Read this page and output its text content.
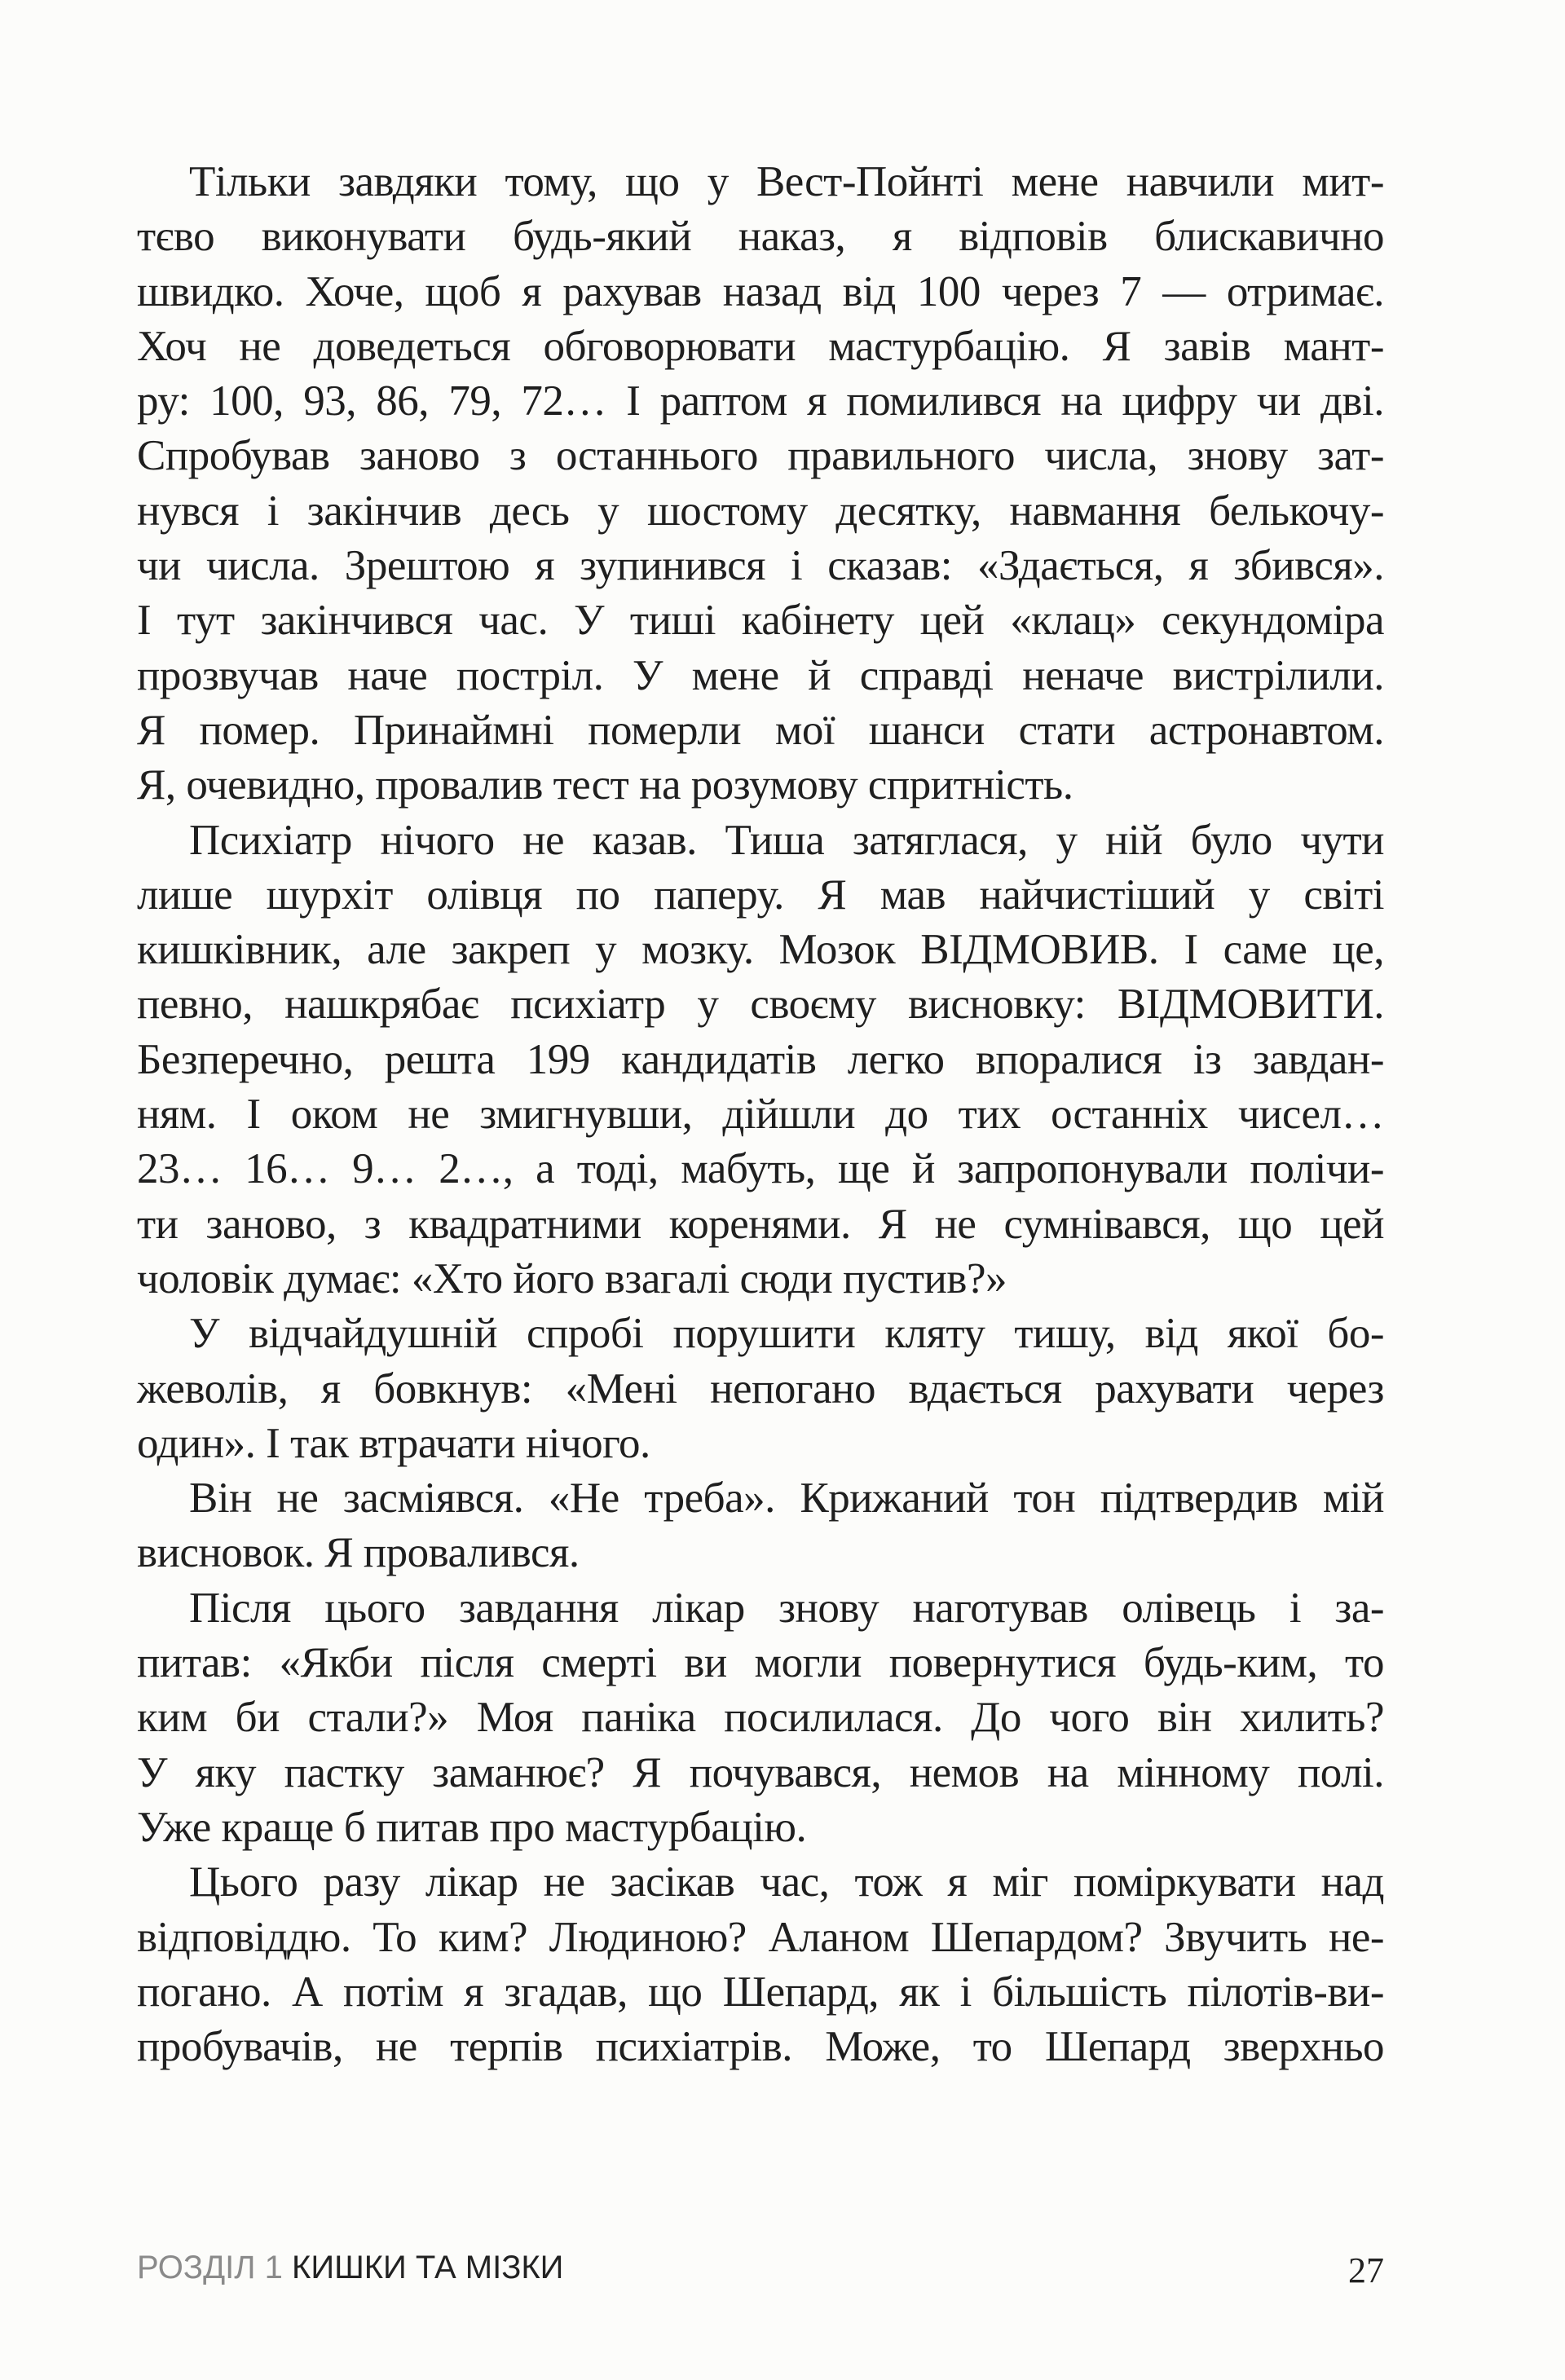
Тільки завдяки тому, що у Вест-Пойнті мене навчили мит-
тєво виконувати будь-який наказ, я відповів блискавично
швидко. Хоче, щоб я рахував назад від 100 через 7 — отримає.
Хоч не доведеться обговорювати мастурбацію. Я завів мант-
ру: 100, 93, 86, 79, 72… І раптом я помилився на цифру чи дві.
Спробував заново з останнього правильного числа, знову зат-
нувся і закінчив десь у шостому десятку, навмання белькочу-
чи числа. Зрештою я зупинився і сказав: «Здається, я збився».
І тут закінчився час. У тиші кабінету цей «клац» секундоміра
прозвучав наче постріл. У мене й справді неначе вистрілили.
Я помер. Принаймні померли мої шанси стати астронавтом.
Я, очевидно, провалив тест на розумову спритність.
Психіатр нічого не казав. Тиша затяглася, у ній було чути
лише шурхіт олівця по паперу. Я мав найчистіший у світі
кишківник, але закреп у мозку. Мозок ВІДМОВИВ. І саме це,
певно, нашкрябає психіатр у своєму висновку: ВІДМОВИТИ.
Безперечно, решта 199 кандидатів легко впоралися із завдан-
ням. І оком не змигнувши, дійшли до тих останніх чисел…
23… 16… 9… 2…, а тоді, мабуть, ще й запропонували полічи-
ти заново, з квадратними коренями. Я не сумнівався, що цей
чоловік думає: «Хто його взагалі сюди пустив?»
У відчайдушній спробі порушити кляту тишу, від якої бо-
жеволів, я бовкнув: «Мені непогано вдається рахувати через
один». І так втрачати нічого.
Він не засміявся. «Не треба». Крижаний тон підтвердив мій
висновок. Я провалився.
Після цього завдання лікар знову наготував олівець і за-
питав: «Якби після смерті ви могли повернутися будь-ким, то
ким би стали?» Моя паніка посилилася. До чого він хилить?
У яку пастку заманює? Я почувався, немов на мінному полі.
Уже краще б питав про мастурбацію.
Цього разу лікар не засікав час, тож я міг поміркувати над
відповіддю. То ким? Людиною? Аланом Шепардом? Звучить не-
погано. А потім я згадав, що Шепард, як і більшість пілотів-ви-
пробувачів, не терпів психіатрів. Може, то Шепард зверхньо
РОЗДІЛ 1 КИШКИ ТА МІЗКИ	27
